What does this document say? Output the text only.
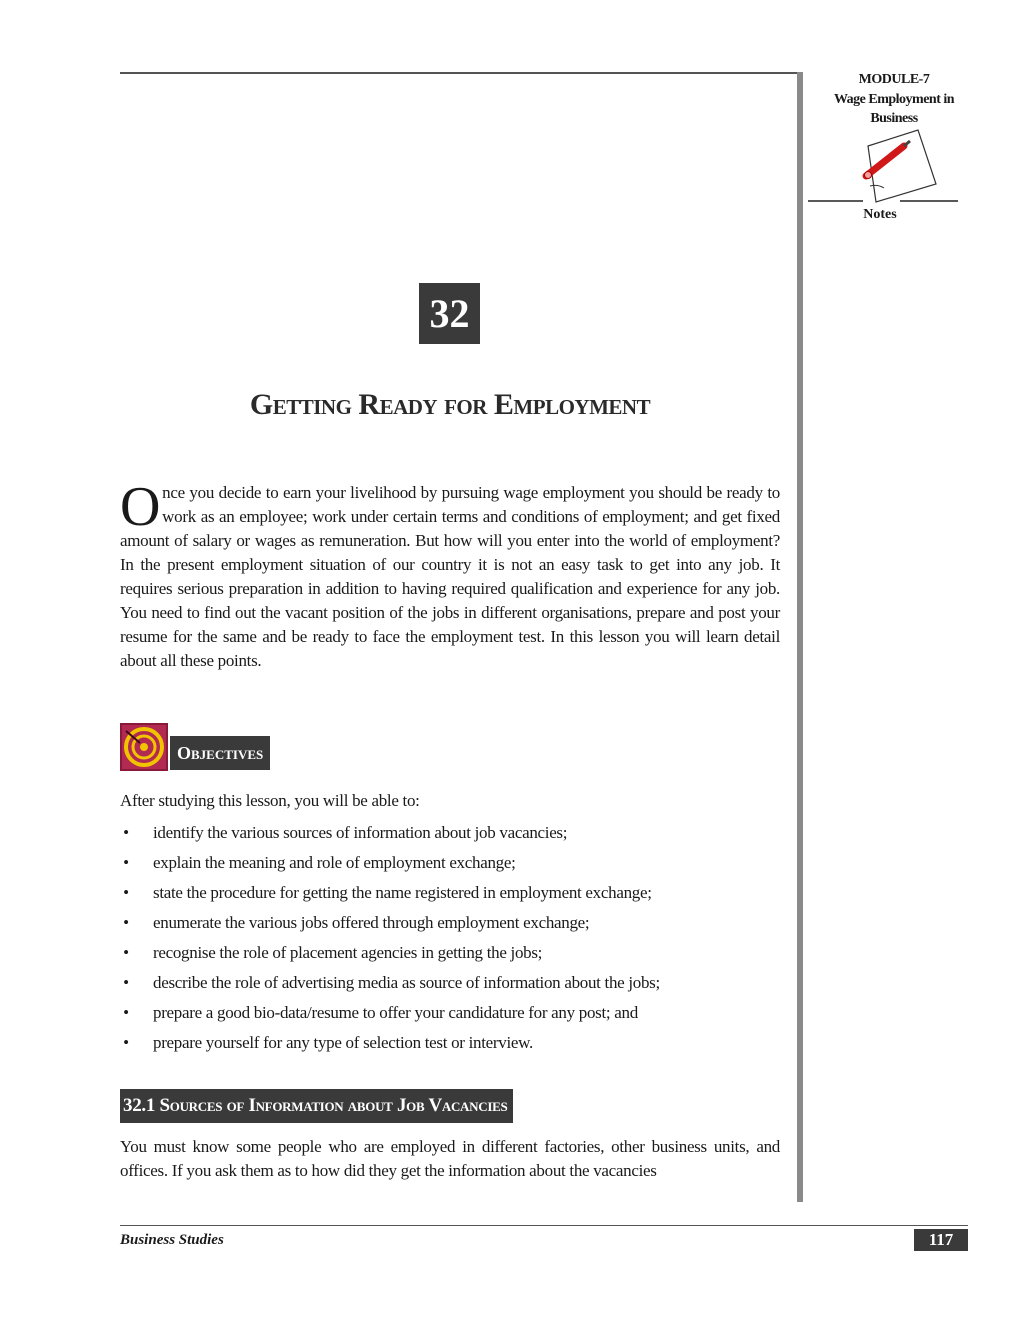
MODULE-7
Wage Employment in
Business
Notes
32
Getting Ready for Employment
Once you decide to earn your livelihood by pursuing wage employment you should be ready to work as an employee; work under certain terms and conditions of employment; and get fixed amount of salary or wages as remuneration. But how will you enter into the world of employment? In the present employment situation of our country it is not an easy task to get into any job. It requires serious preparation in addition to having required qualification and experience for any job. You need to find out the vacant position of the jobs in different organisations, prepare and post your resume for the same and be ready to face the employment test. In this lesson you will learn detail about all these points.
Objectives
After studying this lesson, you will be able to:
• identify the various sources of information about job vacancies;
• explain the meaning and role of employment exchange;
• state the procedure for getting the name registered in employment exchange;
• enumerate the various jobs offered through employment exchange;
• recognise the role of placement agencies in getting the jobs;
• describe the role of advertising media as source of information about the jobs;
• prepare a good bio-data/resume to offer your candidature for any post; and
• prepare yourself for any type of selection test or interview.
32.1 Sources of Information about Job Vacancies
You must know some people who are employed in different factories, other business units, and offices. If you ask them as to how did they get the information about the vacancies
Business Studies	117
